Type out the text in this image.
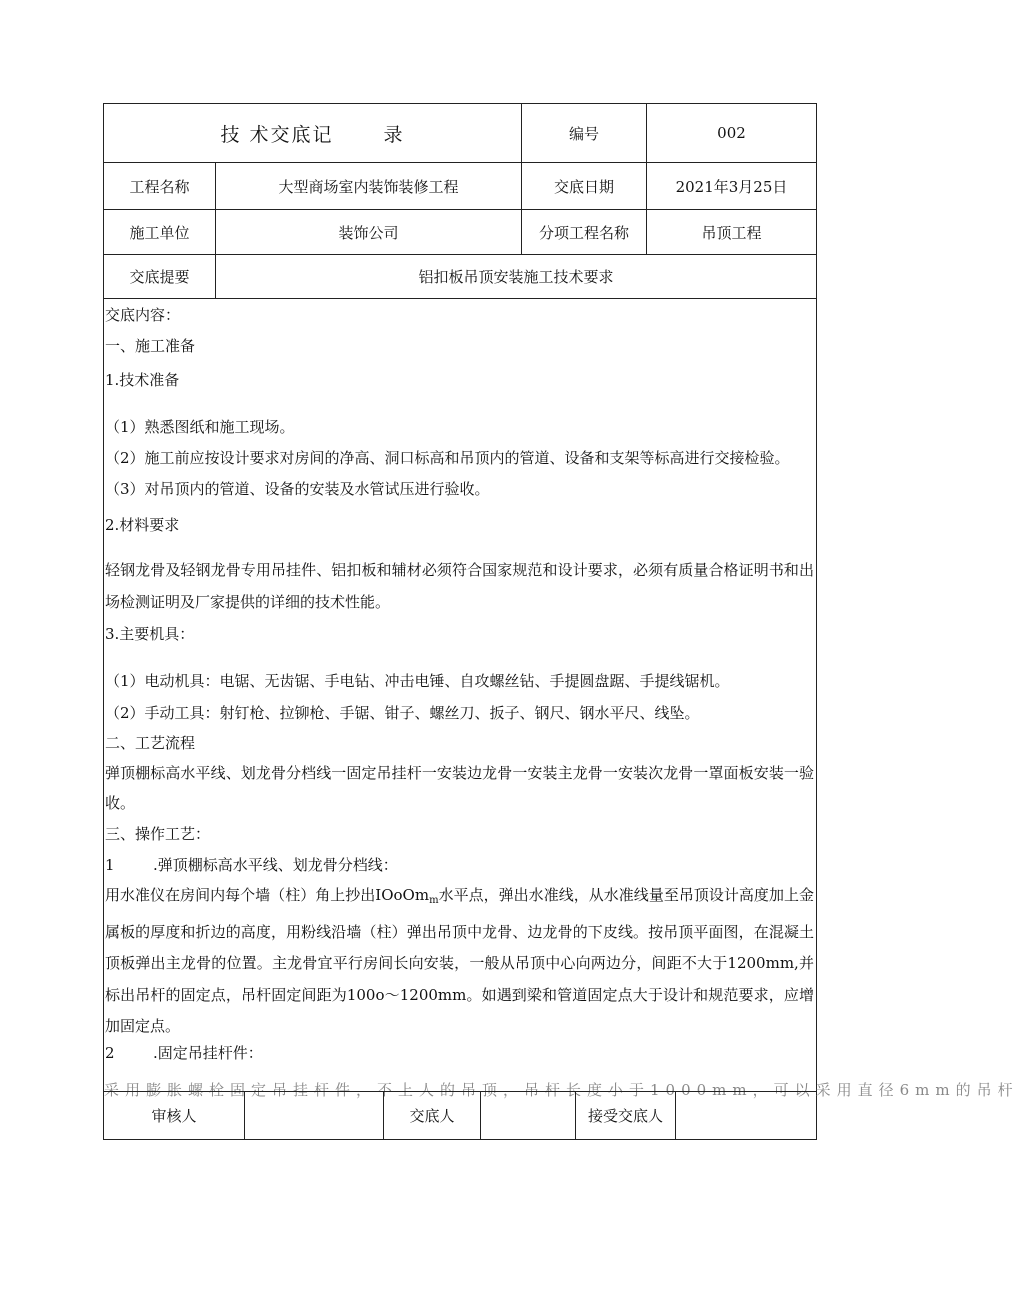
技 术交底记　　 录	编号	002
工程名称	大型商场室内装饰装修工程	交底日期	2021年3月25日
施工单位	装饰公司	分项工程名称	吊顶工程
交底提要	铝扣板吊顶安装施工技术要求
交底内容：
一、施工准备
1.技术准备
（1）熟悉图纸和施工现场。
（2）施工前应按设计要求对房间的净高、洞口标高和吊顶内的管道、设备和支架等标高进行交接检验。
（3）对吊顶内的管道、设备的安装及水管试压进行验收。
2.材料要求
轻钢龙骨及轻钢龙骨专用吊挂件、铝扣板和辅材必须符合国家规范和设计要求，必须有质量合格证明书和出场检测证明及厂家提供的详细的技术性能。
3.主要机具：
（1）电动机具：电锯、无齿锯、手电钻、冲击电锤、自攻螺丝钻、手提圆盘踞、手提线锯机。
（2）手动工具：射钉枪、拉铆枪、手锯、钳子、螺丝刀、扳子、钢尺、钢水平尺、线坠。
二、工艺流程
弹顶棚标高水平线、划龙骨分档线一固定吊挂杆一安装边龙骨一安装主龙骨一安装次龙骨一罩面板安装一验收。
三、操作工艺：
1	.弹顶棚标高水平线、划龙骨分档线：
用水准仪在房间内每个墙（柱）角上抄出IOoOm$_m$水平点，弹出水准线，从水准线量至吊顶设计高度加上金属板的厚度和折边的高度，用粉线沿墙（柱）弹出吊顶中龙骨、边龙骨的下皮线。按吊顶平面图，在混凝土顶板弹出主龙骨的位置。主龙骨宜平行房间长向安装，一般从吊顶中心向两边分，间距不大于1200mm,并标出吊杆的固定点，吊杆固定间距为100o～1200mm。如遇到梁和管道固定点大于设计和规范要求，应增加固定点。
2	.固定吊挂杆件：
采用膨胀螺栓固定吊挂杆件，不上人的吊顶，吊杆长度小于1000mm，可以采用直径6mm的吊杆
审核人	交底人	接受交底人
